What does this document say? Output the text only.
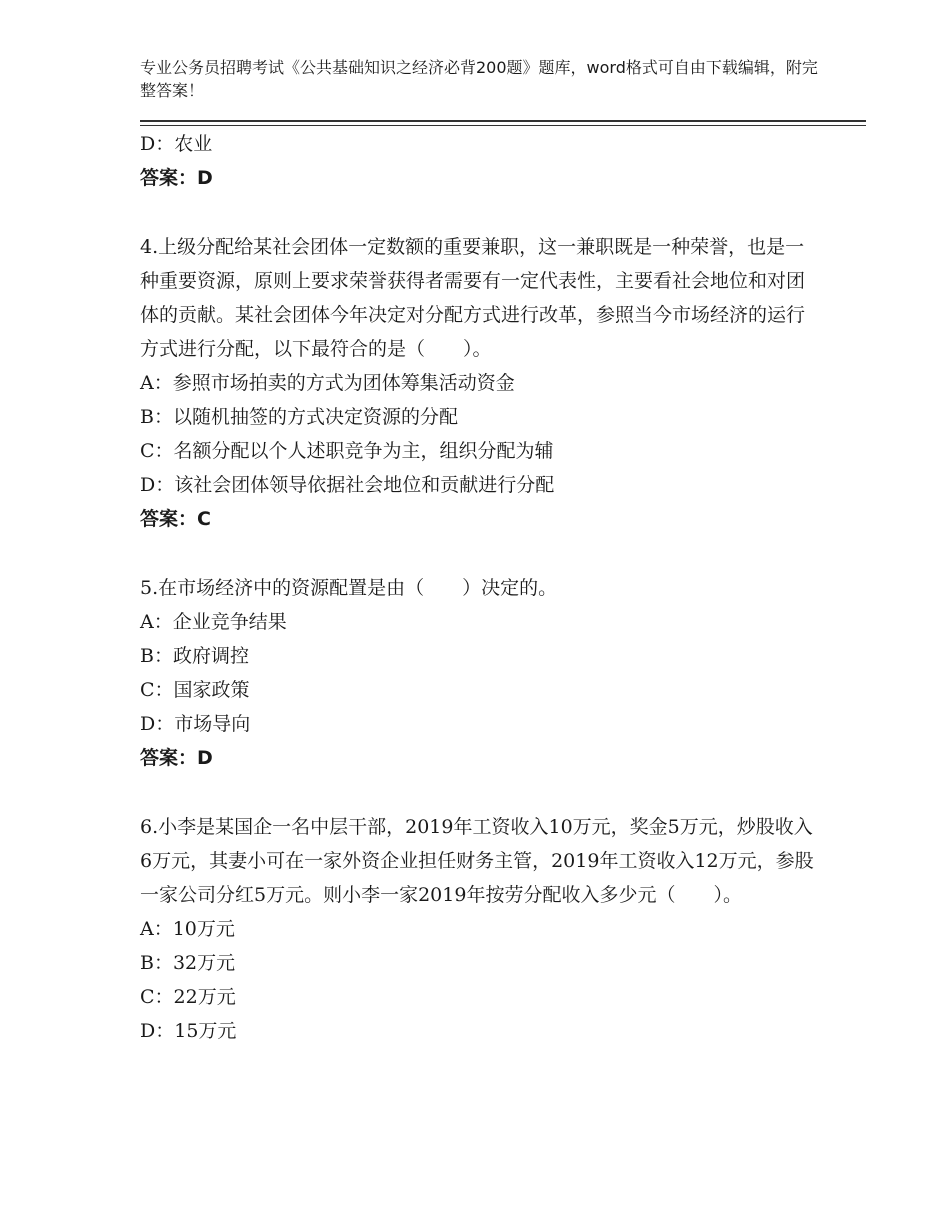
专业公务员招聘考试《公共基础知识之经济必背200题》题库，word格式可自由下载编辑，附完整答案！
D：农业
答案：D
4.上级分配给某社会团体一定数额的重要兼职，这一兼职既是一种荣誉，也是一种重要资源，原则上要求荣誉获得者需要有一定代表性，主要看社会地位和对团体的贡献。某社会团体今年决定对分配方式进行改革，参照当今市场经济的运行方式进行分配，以下最符合的是（　　）。
A：参照市场拍卖的方式为团体筹集活动资金
B：以随机抽签的方式决定资源的分配
C：名额分配以个人述职竞争为主，组织分配为辅
D：该社会团体领导依据社会地位和贡献进行分配
答案：C
5.在市场经济中的资源配置是由（　　）决定的。
A：企业竞争结果
B：政府调控
C：国家政策
D：市场导向
答案：D
6.小李是某国企一名中层干部，2019年工资收入10万元，奖金5万元，炒股收入6万元，其妻小可在一家外资企业担任财务主管，2019年工资收入12万元，参股一家公司分红5万元。则小李一家2019年按劳分配收入多少元（　　）。
A：10万元
B：32万元
C：22万元
D：15万元
